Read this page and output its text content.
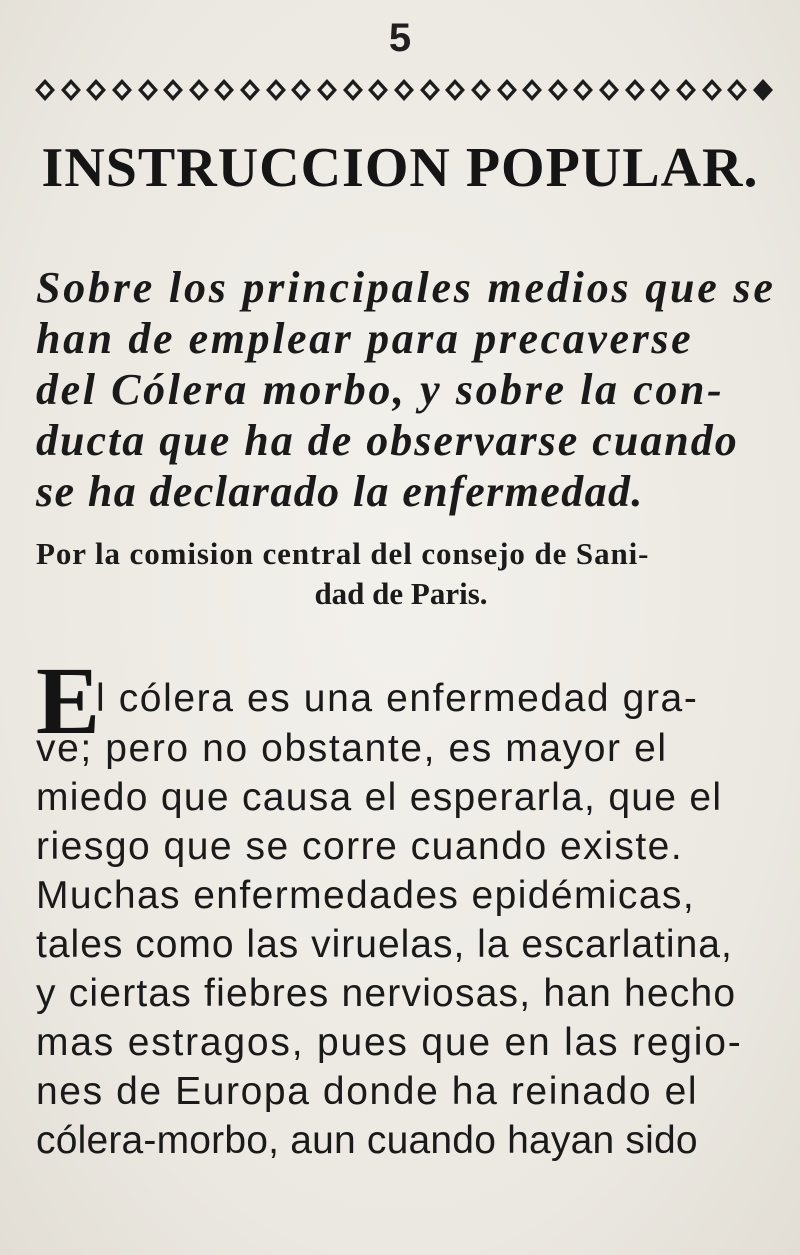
5
INSTRUCCION POPULAR.
Sobre los principales medios que se
han de emplear para precaverse
del Cólera morbo, y sobre la con-
ducta que ha de observarse cuando
se ha declarado la enfermedad.
Por la comision central del consejo de Sani-
dad de Paris.
E
l cólera es una enfermedad gra-
ve; pero no obstante, es mayor el
miedo que causa el esperarla, que el
riesgo que se corre cuando existe.
Muchas enfermedades epidémicas,
tales como las viruelas, la escarlatina,
y ciertas fiebres nerviosas, han hecho
mas estragos, pues que en las regio-
nes de Europa donde ha reinado el
cólera-morbo, aun cuando hayan sido
